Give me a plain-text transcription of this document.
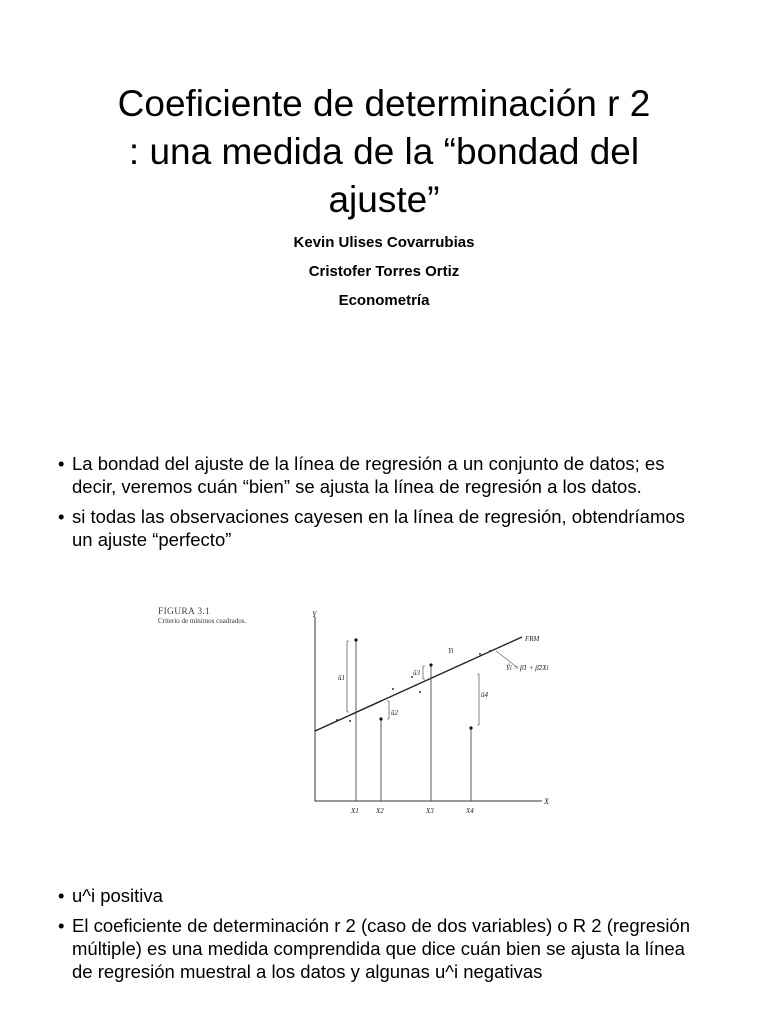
Coeficiente de determinación r 2
: una medida de la “bondad del
ajuste”
Kevin Ulises Covarrubias
Cristofer Torres Ortiz
Econometría
• La bondad del ajuste de la línea de regresión a un conjunto de datos; es decir, veremos cuán “bien” se ajusta la línea de regresión a los datos.
• si todas las observaciones cayesen en la línea de regresión, obtendríamos un ajuste “perfecto”
FIGURA 3.1
Criterio de mínimos cuadrados.
Y
X
FRM
Ŷi = β̂1 + β̂2Xi
û1
û2
û3
û4
Yi
X1 X2	X3	X4
• u^i positiva
• El coeficiente de determinación r 2 (caso de dos variables) o R 2 (regresión múltiple) es una medida comprendida que dice cuán bien se ajusta la línea de regresión muestral a los datos y algunas u^i negativas
